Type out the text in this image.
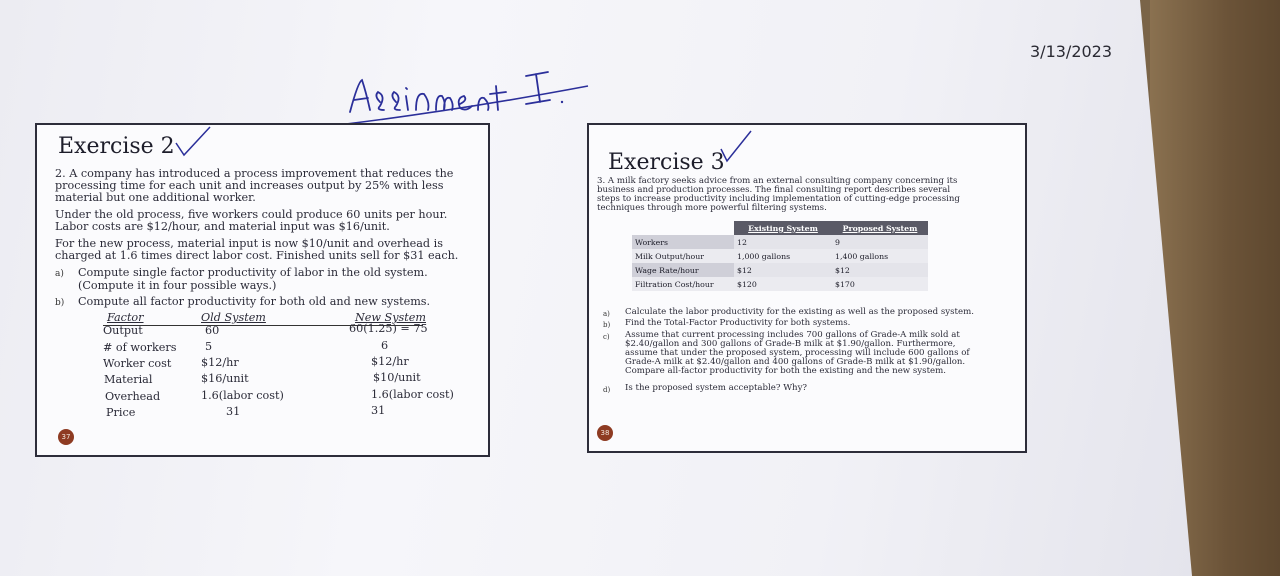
3/13/2023
Exercise 2
2. A company has introduced a process improvement that reduces the
processing time for each unit and increases output by 25% with less
material but one additional worker.
Under the old process, five workers could produce 60 units per hour.
Labor costs are $12/hour, and material input was $16/unit.
For the new process, material input is now $10/unit and overhead is
charged at 1.6 times direct labor cost. Finished units sell for $31 each.
a) Compute single factor productivity of labor in the old system.
(Compute it in four possible ways.)
b) Compute all factor productivity for both old and new systems.
Factor	Old System	New System
Output	60	60(1.25) = 75
# of workers	5	6
Worker cost	$12/hr	$12/hr
Material	$16/unit	$10/unit
Overhead	1.6(labor cost)	1.6(labor cost)
Price	31	31
37
Exercise 3
3. A milk factory seeks advice from an external consulting company concerning its
business and production processes. The final consulting report describes several
steps to increase productivity including implementation of cutting-edge processing
techniques through more powerful filtering systems.
	Existing System	Proposed System
Workers	12	9
Milk Output/hour	1,000 gallons	1,400 gallons
Wage Rate/hour	$12	$12
Filtration Cost/hour	$120	$170
a) Calculate the labor productivity for the existing as well as the proposed system.
b) Find the Total-Factor Productivity for both systems.
c) Assume that current processing includes 700 gallons of Grade-A milk sold at
$2.40/gallon and 300 gallons of Grade-B milk at $1.90/gallon. Furthermore,
assume that under the proposed system, processing will include 600 gallons of
Grade-A milk at $2.40/gallon and 400 gallons of Grade-B milk at $1.90/gallon.
Compare all-factor productivity for both the existing and the new system.
d) Is the proposed system acceptable? Why?
38
